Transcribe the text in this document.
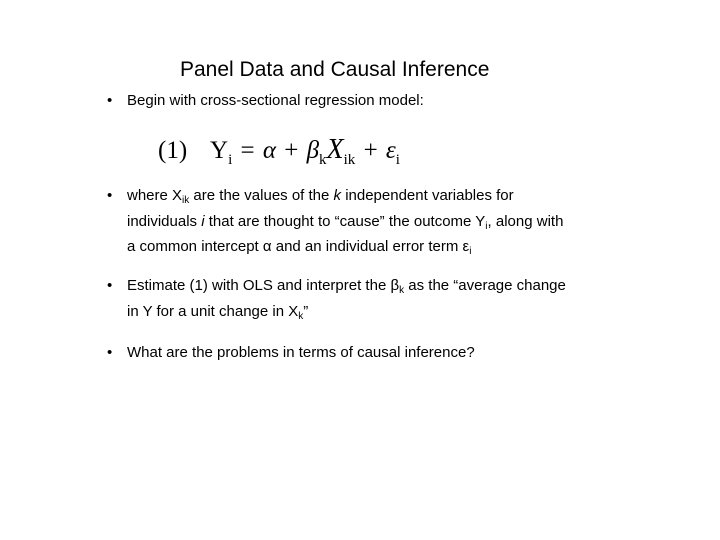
Panel Data and Causal Inference
• Begin with cross-sectional regression model:
(1) $Y_i = \alpha + \beta_kX_{ik} + \varepsilon_i$
• where $X_{ik}$ are the values of the k independent variables for
individuals i that are thought to “cause” the outcome $Y_i$, along with
a common intercept α and an individual error term $\varepsilon_i$
• Estimate (1) with OLS and interpret the $\beta_k$ as the “average change
in Y for a unit change in $X_k$”
• What are the problems in terms of causal inference?
